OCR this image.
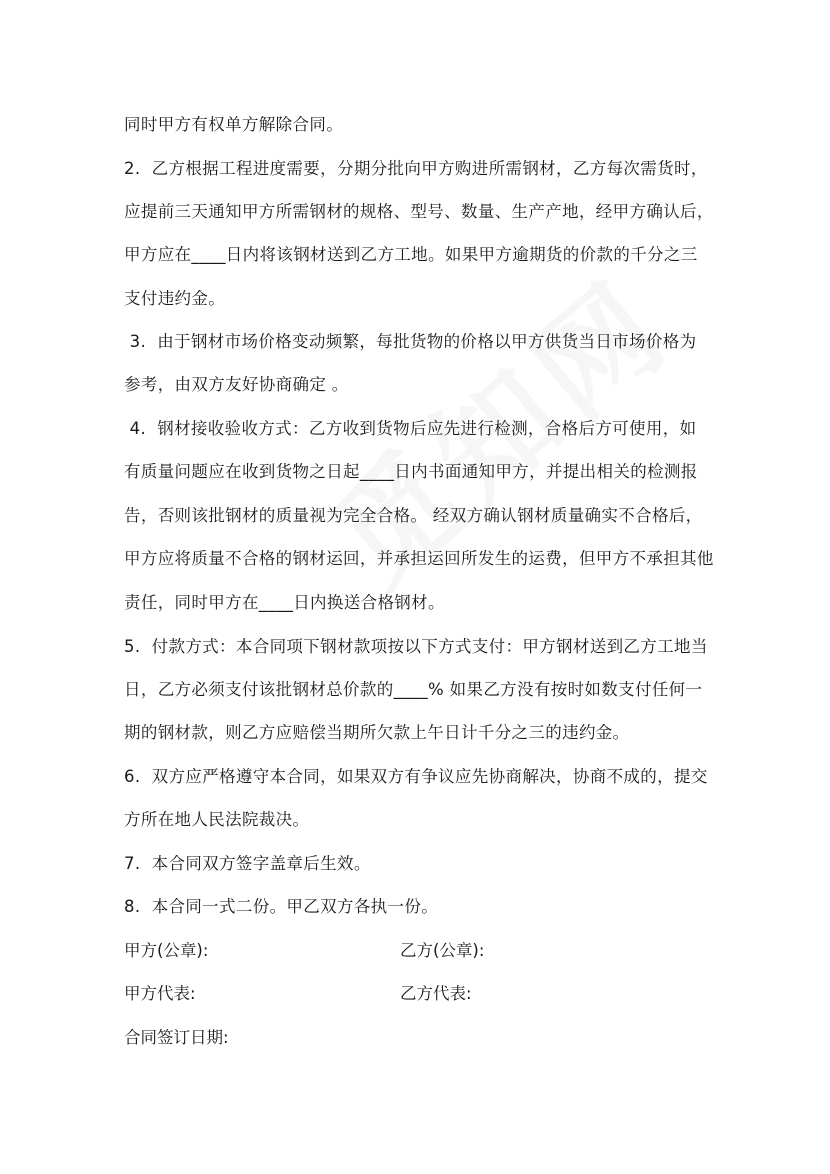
同时甲方有权单方解除合同。
2.  乙方根据工程进度需要，分期分批向甲方购进所需钢材，乙方每次需货时，
应提前三天通知甲方所需钢材的规格、型号、数量、生产产地，经甲方确认后，
甲方应在____日内将该钢材送到乙方工地。如果甲方逾期货的价款的千分之三
支付违约金。
3.  由于钢材市场价格变动频繁，每批货物的价格以甲方供货当日市场价格为
参考，由双方友好协商确定 。
4.  钢材接收验收方式：乙方收到货物后应先进行检测，合格后方可使用，如
有质量问题应在收到货物之日起____日内书面通知甲方，并提出相关的检测报
告，否则该批钢材的质量视为完全合格。 经双方确认钢材质量确实不合格后，
甲方应将质量不合格的钢材运回，并承担运回所发生的运费，但甲方不承担其他
责任，同时甲方在____日内换送合格钢材。
5.  付款方式：本合同项下钢材款项按以下方式支付：甲方钢材送到乙方工地当
日，乙方必须支付该批钢材总价款的____% 如果乙方没有按时如数支付任何一
期的钢材款，则乙方应赔偿当期所欠款上午日计千分之三的违约金。
6.  双方应严格遵守本合同，如果双方有争议应先协商解决，协商不成的，提交
方所在地人民法院裁决。
7.  本合同双方签字盖章后生效。
8.  本合同一式二份。甲乙双方各执一份。
甲方(公章):	乙方(公章):
甲方代表:	乙方代表:
合同签订日期:
